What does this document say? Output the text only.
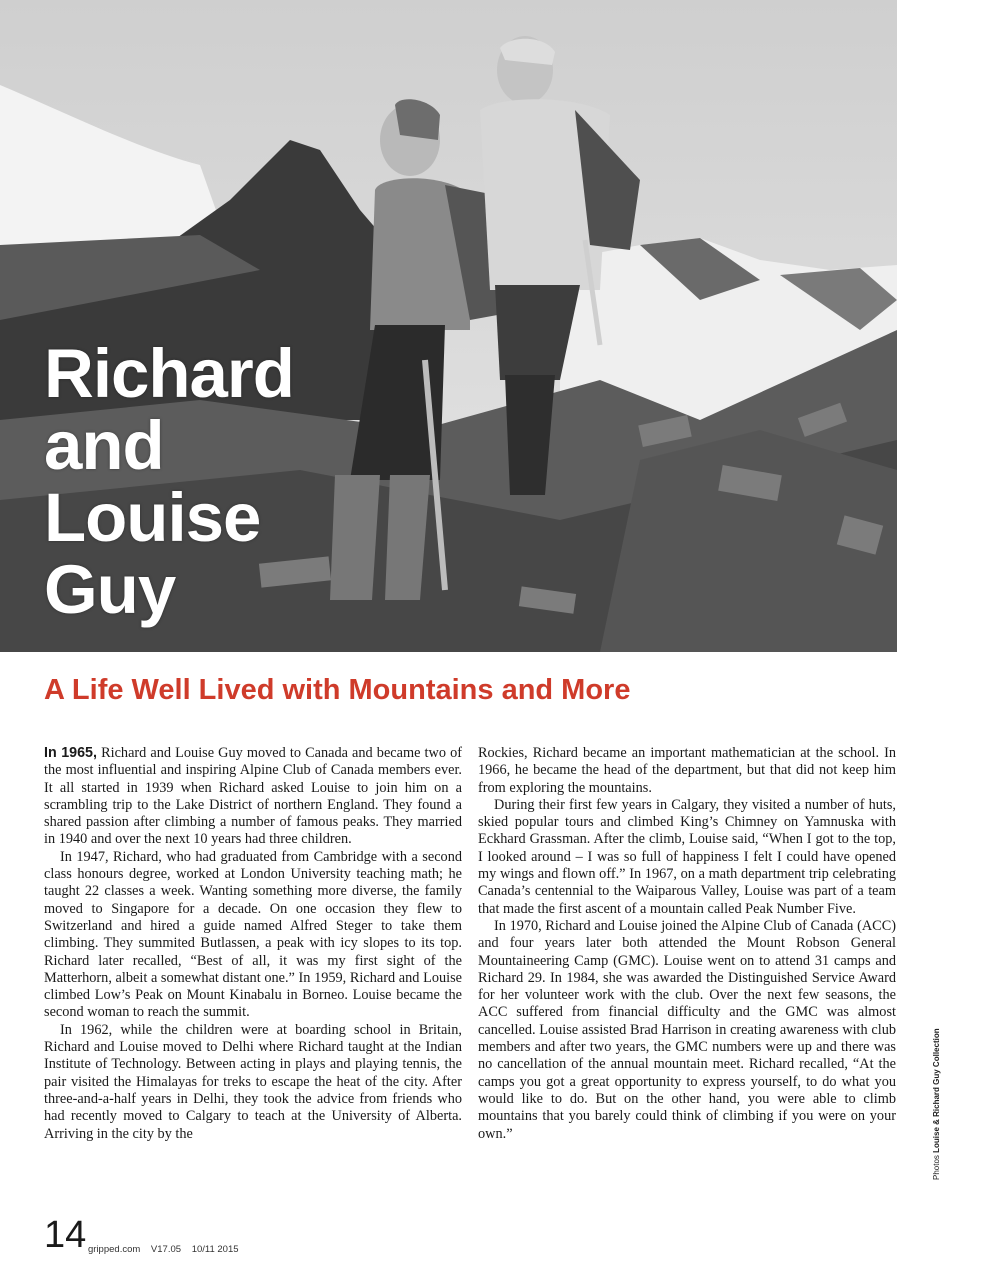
Richard
and
Louise
Guy
A Life Well Lived with Mountains and More

In 1965, Richard and Louise Guy moved to Canada and became two of the most influential and inspiring Alpine Club of Canada members ever. It all started in 1939 when Richard asked Louise to join him on a scrambling trip to the Lake District of northern England. They found a shared passion after climbing a number of famous peaks. They married in 1940 and over the next 10 years had three children.

In 1947, Richard, who had graduated from Cambridge with a second class honours degree, worked at London University teaching math; he taught 22 classes a week. Wanting something more diverse, the family moved to Singapore for a decade. On one occasion they flew to Switzerland and hired a guide named Alfred Steger to take them climbing. They summited Butlassen, a peak with icy slopes to its top. Richard later recalled, “Best of all, it was my first sight of the Matterhorn, albeit a somewhat distant one.” In 1959, Richard and Louise climbed Low’s Peak on Mount Kinabalu in Borneo. Louise became the second woman to reach the summit.

In 1962, while the children were at boarding school in Britain, Richard and Louise moved to Delhi where Richard taught at the Indian Institute of Technology. Between acting in plays and playing tennis, the pair visited the Himalayas for treks to escape the heat of the city. After three-and-a-half years in Delhi, they took the advice from friends who had recently moved to Calgary to teach at the University of Alberta. Arriving in the city by the

Rockies, Richard became an important mathematician at the school. In 1966, he became the head of the department, but that did not keep him from exploring the mountains.

During their first few years in Calgary, they visited a number of huts, skied popular tours and climbed King’s Chimney on Yamnuska with Eckhard Grassman. After the climb, Louise said, “When I got to the top, I looked around – I was so full of happiness I felt I could have opened my wings and flown off.” In 1967, on a math department trip celebrating Canada’s centennial to the Waiparous Valley, Louise was part of a team that made the first ascent of a mountain called Peak Number Five.

In 1970, Richard and Louise joined the Alpine Club of Canada (ACC) and four years later both attended the Mount Robson General Mountaineering Camp (GMC). Louise went on to attend 31 camps and Richard 29. In 1984, she was awarded the Distinguished Service Award for her volunteer work with the club. Over the next few seasons, the ACC suffered from financial difficulty and the GMC was almost cancelled. Louise assisted Brad Harrison in creating awareness with club members and after two years, the GMC numbers were up and there was no cancellation of the annual mountain meet. Richard recalled, “At the camps you got a great opportunity to express yourself, to do what you would like to do. But on the other hand, you were able to climb mountains that you barely could think of climbing if you were on your own.”

Photos Louise & Richard Guy Collection
14 gripped.com V17.05 10/11 2015
